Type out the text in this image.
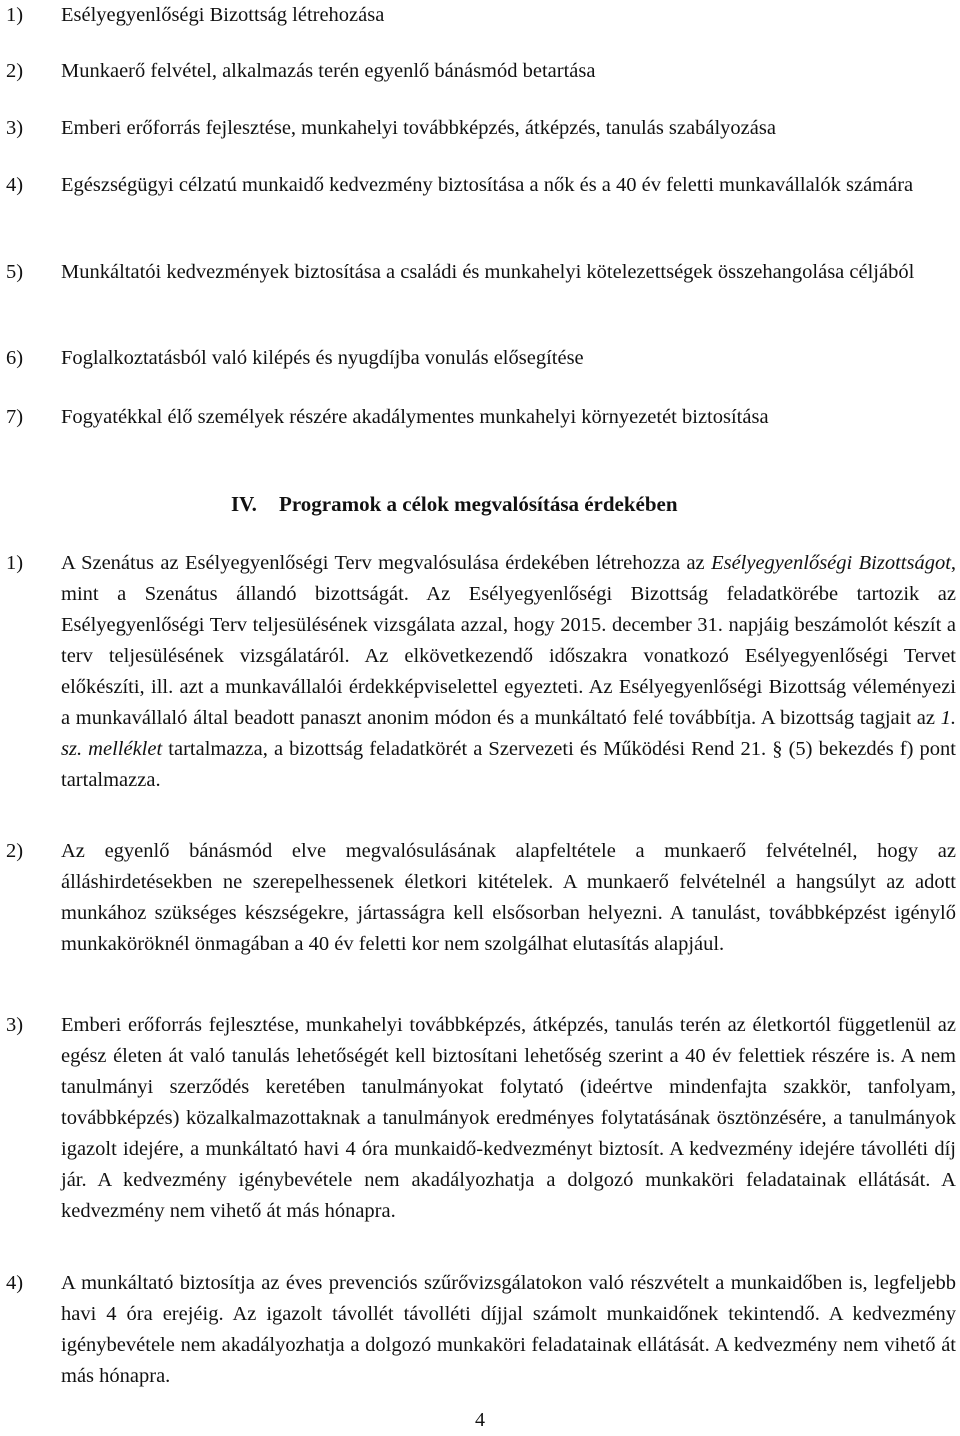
1) Esélyegyenlőségi Bizottság létrehozása
2) Munkaerő felvétel, alkalmazás terén egyenlő bánásmód betartása
3) Emberi erőforrás fejlesztése, munkahelyi továbbképzés, átképzés, tanulás szabályozása
4) Egészségügyi célzatú munkaidő kedvezmény biztosítása a nők és a 40 év feletti munkavállalók számára
5) Munkáltatói kedvezmények biztosítása a családi és munkahelyi kötelezettségek összehangolása céljából
6) Foglalkoztatásból való kilépés és nyugdíjba vonulás elősegítése
7) Fogyatékkal élő személyek részére akadálymentes munkahelyi környezetét biztosítása
IV. Programok a célok megvalósítása érdekében
1) A Szenátus az Esélyegyenlőségi Terv megvalósulása érdekében létrehozza az Esélyegyenlőségi Bizottságot, mint a Szenátus állandó bizottságát. Az Esélyegyenlőségi Bizottság feladatkörébe tartozik az Esélyegyenlőségi Terv teljesülésének vizsgálata azzal, hogy 2015. december 31. napjáig beszámolót készít a terv teljesülésének vizsgálatáról. Az elkövetkezendő időszakra vonatkozó Esélyegyenlőségi Tervet előkészíti, ill. azt a munkavállalói érdekképviselettel egyezteti. Az Esélyegyenlőségi Bizottság véleményezi a munkavállaló által beadott panaszt anonim módon és a munkáltató felé továbbítja. A bizottság tagjait az 1. sz. melléklet tartalmazza, a bizottság feladatkörét a Szervezeti és Működési Rend 21. § (5) bekezdés f) pont tartalmazza.
2) Az egyenlő bánásmód elve megvalósulásának alapfeltétele a munkaerő felvételnél, hogy az álláshirdetésekben ne szerepelhessenek életkori kitételek. A munkaerő felvételnél a hangsúlyt az adott munkához szükséges készségekre, jártasságra kell elsősorban helyezni. A tanulást, továbbképzést igénylő munkaköröknél önmagában a 40 év feletti kor nem szolgálhat elutasítás alapjául.
3) Emberi erőforrás fejlesztése, munkahelyi továbbképzés, átképzés, tanulás terén az életkortól függetlenül az egész életen át való tanulás lehetőségét kell biztosítani lehetőség szerint a 40 év felettiek részére is. A nem tanulmányi szerződés keretében tanulmányokat folytató (ideértve mindenfajta szakkör, tanfolyam, továbbképzés) közalkalmazottaknak a tanulmányok eredményes folytatásának ösztönzésére, a tanulmányok igazolt idejére, a munkáltató havi 4 óra munkaidő-kedvezményt biztosít. A kedvezmény idejére távolléti díj jár. A kedvezmény igénybevétele nem akadályozhatja a dolgozó munkaköri feladatainak ellátását. A kedvezmény nem vihető át más hónapra.
4) A munkáltató biztosítja az éves prevenciós szűrővizsgálatokon való részvételt a munkaidőben is, legfeljebb havi 4 óra erejéig. Az igazolt távollét távolléti díjjal számolt munkaidőnek tekintendő. A kedvezmény igénybevétele nem akadályozhatja a dolgozó munkaköri feladatainak ellátását. A kedvezmény nem vihető át más hónapra.
4
